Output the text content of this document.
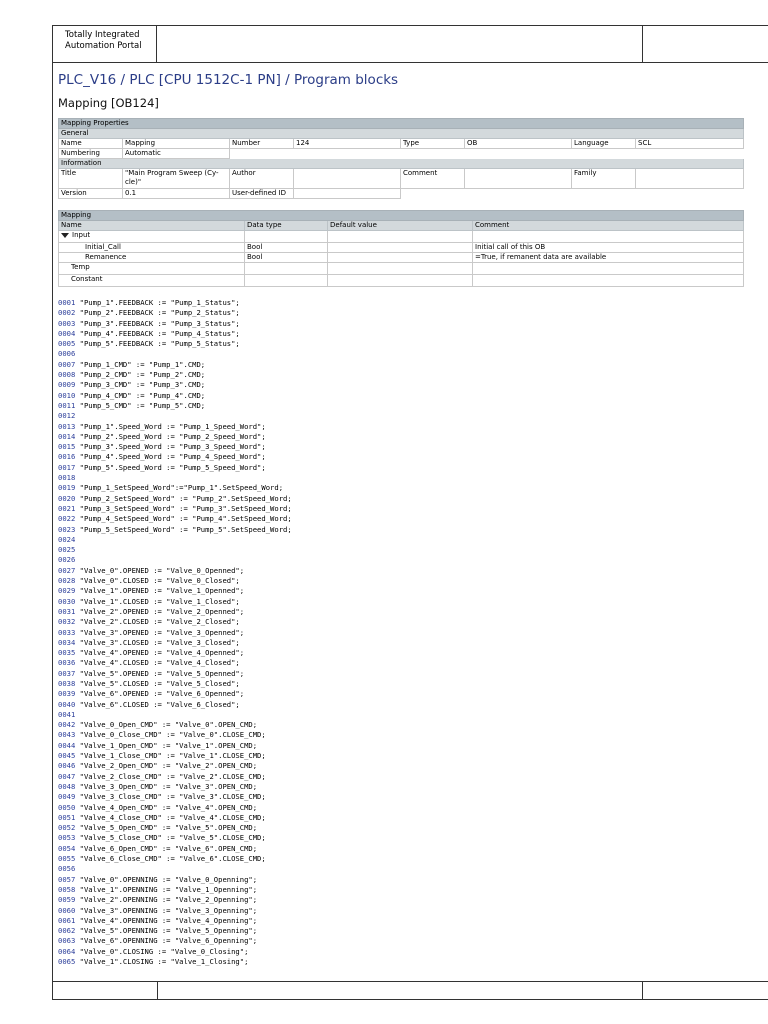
Totally Integrated
Automation Portal
PLC_V16 / PLC [CPU 1512C-1 PN] / Program blocks
Mapping [OB124]
Mapping Properties							
General							
Name	Mapping	Number	124	Type	OB	Language	SCL
Numbering	Automatic						
Information							
Title	"Main Program Sweep (Cy-
cle)"	Author		Comment		Family	
Version	0.1	User-defined ID					
Mapping			
Name	Data type	Default value	Comment
Input			
Initial_Call	Bool		Initial call of this OB
Remanence	Bool		=True, if remanent data are available
Temp			
Constant			
0001 "Pump_1".FEEDBACK := "Pump_1_Status";
0002 "Pump_2".FEEDBACK := "Pump_2_Status";
0003 "Pump_3".FEEDBACK := "Pump_3_Status";
0004 "Pump_4".FEEDBACK := "Pump_4_Status";
0005 "Pump_5".FEEDBACK := "Pump_5_Status";
0006
0007 "Pump_1_CMD" := "Pump_1".CMD;
0008 "Pump_2_CMD" := "Pump_2".CMD;
0009 "Pump_3_CMD" := "Pump_3".CMD;
0010 "Pump_4_CMD" := "Pump_4".CMD;
0011 "Pump_5_CMD" := "Pump_5".CMD;
0012
0013 "Pump_1".Speed_Word := "Pump_1_Speed_Word";
0014 "Pump_2".Speed_Word := "Pump_2_Speed_Word";
0015 "Pump_3".Speed_Word := "Pump_3_Speed_Word";
0016 "Pump_4".Speed_Word := "Pump_4_Speed_Word";
0017 "Pump_5".Speed_Word := "Pump_5_Speed_Word";
0018
0019 "Pump_1_SetSpeed_Word":="Pump_1".SetSpeed_Word;
0020 "Pump_2_SetSpeed_Word" := "Pump_2".SetSpeed_Word;
0021 "Pump_3_SetSpeed_Word" := "Pump_3".SetSpeed_Word;
0022 "Pump_4_SetSpeed_Word" := "Pump_4".SetSpeed_Word;
0023 "Pump_5_SetSpeed_Word" := "Pump_5".SetSpeed_Word;
0024
0025
0026
0027 "Valve_0".OPENED := "Valve_0_Openned";
0028 "Valve_0".CLOSED := "Valve_0_Closed";
0029 "Valve_1".OPENED := "Valve_1_Openned";
0030 "Valve_1".CLOSED := "Valve_1_Closed";
0031 "Valve_2".OPENED := "Valve_2_Openned";
0032 "Valve_2".CLOSED := "Valve_2_Closed";
0033 "Valve_3".OPENED := "Valve_3_Openned";
0034 "Valve_3".CLOSED := "Valve_3_Closed";
0035 "Valve_4".OPENED := "Valve_4_Openned";
0036 "Valve_4".CLOSED := "Valve_4_Closed";
0037 "Valve_5".OPENED := "Valve_5_Openned";
0038 "Valve_5".CLOSED := "Valve_5_Closed";
0039 "Valve_6".OPENED := "Valve_6_Openned";
0040 "Valve_6".CLOSED := "Valve_6_Closed";
0041
0042 "Valve_0_Open_CMD" := "Valve_0".OPEN_CMD;
0043 "Valve_0_Close_CMD" := "Valve_0".CLOSE_CMD;
0044 "Valve_1_Open_CMD" := "Valve_1".OPEN_CMD;
0045 "Valve_1_Close_CMD" := "Valve_1".CLOSE_CMD;
0046 "Valve_2_Open_CMD" := "Valve_2".OPEN_CMD;
0047 "Valve_2_Close_CMD" := "Valve_2".CLOSE_CMD;
0048 "Valve_3_Open_CMD" := "Valve_3".OPEN_CMD;
0049 "Valve_3_Close_CMD" := "Valve_3".CLOSE_CMD;
0050 "Valve_4_Open_CMD" := "Valve_4".OPEN_CMD;
0051 "Valve_4_Close_CMD" := "Valve_4".CLOSE_CMD;
0052 "Valve_5_Open_CMD" := "Valve_5".OPEN_CMD;
0053 "Valve_5_Close_CMD" := "Valve_5".CLOSE_CMD;
0054 "Valve_6_Open_CMD" := "Valve_6".OPEN_CMD;
0055 "Valve_6_Close_CMD" := "Valve_6".CLOSE_CMD;
0056
0057 "Valve_0".OPENNING := "Valve_0_Openning";
0058 "Valve_1".OPENNING := "Valve_1_Openning";
0059 "Valve_2".OPENNING := "Valve_2_Openning";
0060 "Valve_3".OPENNING := "Valve_3_Openning";
0061 "Valve_4".OPENNING := "Valve_4_Openning";
0062 "Valve_5".OPENNING := "Valve_5_Openning";
0063 "Valve_6".OPENNING := "Valve_6_Openning";
0064 "Valve_0".CLOSING := "Valve_0_Closing";
0065 "Valve_1".CLOSING := "Valve_1_Closing";
